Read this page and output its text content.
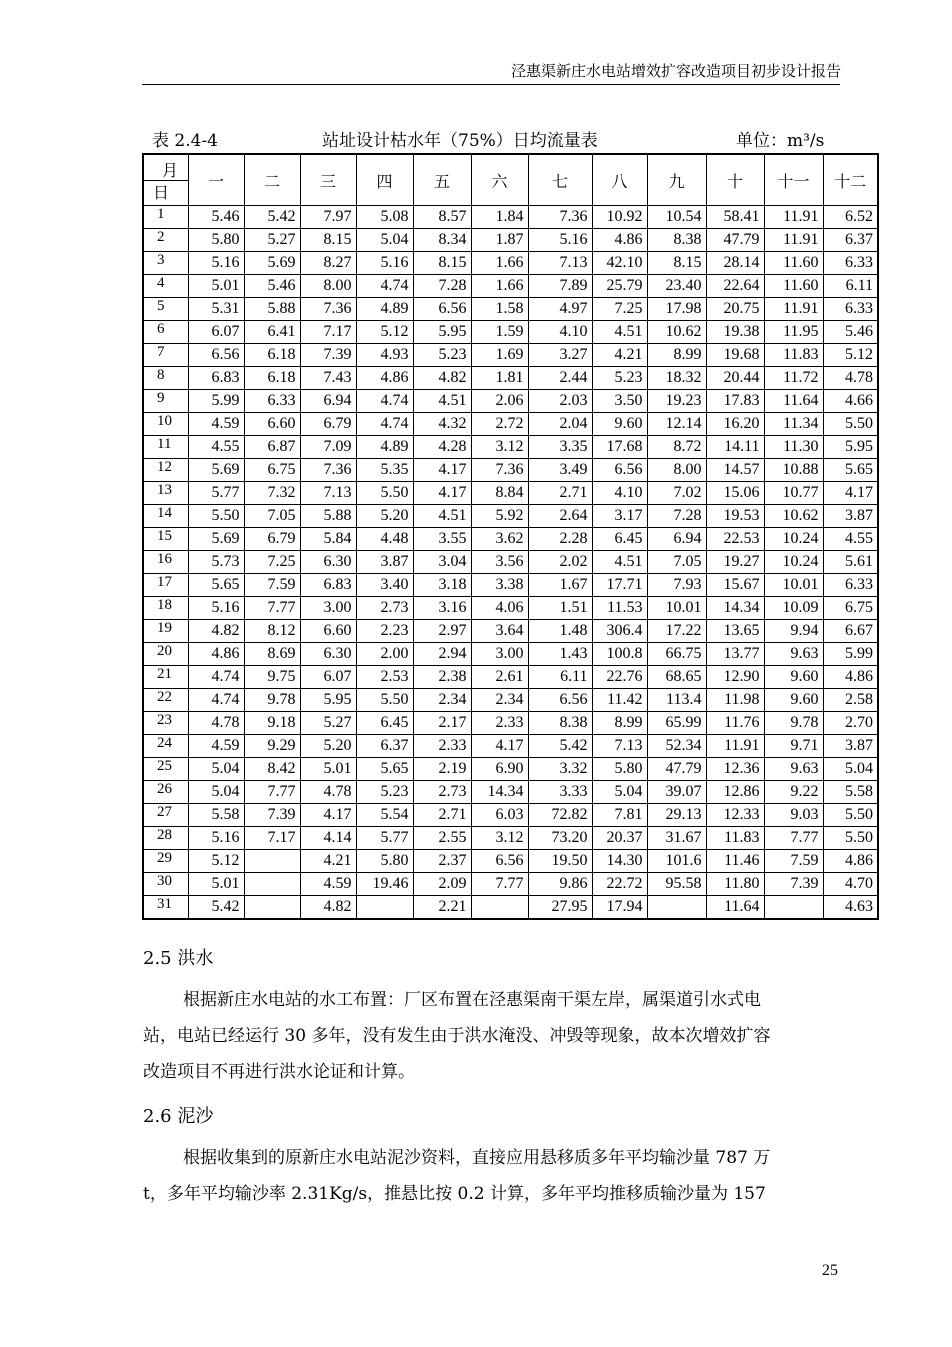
泾惠渠新庄水电站增效扩容改造项目初步设计报告
表 2.4-4	站址设计枯水年（75%）日均流量表	单位：m³/s
月
日	一	二	三	四	五	六	七	八	九	十	十一	十二
1	5.46	5.42	7.97	5.08	8.57	1.84	7.36	10.92	10.54	58.41	11.91	6.52
2	5.80	5.27	8.15	5.04	8.34	1.87	5.16	4.86	8.38	47.79	11.91	6.37
3	5.16	5.69	8.27	5.16	8.15	1.66	7.13	42.10	8.15	28.14	11.60	6.33
4	5.01	5.46	8.00	4.74	7.28	1.66	7.89	25.79	23.40	22.64	11.60	6.11
5	5.31	5.88	7.36	4.89	6.56	1.58	4.97	7.25	17.98	20.75	11.91	6.33
6	6.07	6.41	7.17	5.12	5.95	1.59	4.10	4.51	10.62	19.38	11.95	5.46
7	6.56	6.18	7.39	4.93	5.23	1.69	3.27	4.21	8.99	19.68	11.83	5.12
8	6.83	6.18	7.43	4.86	4.82	1.81	2.44	5.23	18.32	20.44	11.72	4.78
9	5.99	6.33	6.94	4.74	4.51	2.06	2.03	3.50	19.23	17.83	11.64	4.66
10	4.59	6.60	6.79	4.74	4.32	2.72	2.04	9.60	12.14	16.20	11.34	5.50
11	4.55	6.87	7.09	4.89	4.28	3.12	3.35	17.68	8.72	14.11	11.30	5.95
12	5.69	6.75	7.36	5.35	4.17	7.36	3.49	6.56	8.00	14.57	10.88	5.65
13	5.77	7.32	7.13	5.50	4.17	8.84	2.71	4.10	7.02	15.06	10.77	4.17
14	5.50	7.05	5.88	5.20	4.51	5.92	2.64	3.17	7.28	19.53	10.62	3.87
15	5.69	6.79	5.84	4.48	3.55	3.62	2.28	6.45	6.94	22.53	10.24	4.55
16	5.73	7.25	6.30	3.87	3.04	3.56	2.02	4.51	7.05	19.27	10.24	5.61
17	5.65	7.59	6.83	3.40	3.18	3.38	1.67	17.71	7.93	15.67	10.01	6.33
18	5.16	7.77	3.00	2.73	3.16	4.06	1.51	11.53	10.01	14.34	10.09	6.75
19	4.82	8.12	6.60	2.23	2.97	3.64	1.48	306.4	17.22	13.65	9.94	6.67
20	4.86	8.69	6.30	2.00	2.94	3.00	1.43	100.8	66.75	13.77	9.63	5.99
21	4.74	9.75	6.07	2.53	2.38	2.61	6.11	22.76	68.65	12.90	9.60	4.86
22	4.74	9.78	5.95	5.50	2.34	2.34	6.56	11.42	113.4	11.98	9.60	2.58
23	4.78	9.18	5.27	6.45	2.17	2.33	8.38	8.99	65.99	11.76	9.78	2.70
24	4.59	9.29	5.20	6.37	2.33	4.17	5.42	7.13	52.34	11.91	9.71	3.87
25	5.04	8.42	5.01	5.65	2.19	6.90	3.32	5.80	47.79	12.36	9.63	5.04
26	5.04	7.77	4.78	5.23	2.73	14.34	3.33	5.04	39.07	12.86	9.22	5.58
27	5.58	7.39	4.17	5.54	2.71	6.03	72.82	7.81	29.13	12.33	9.03	5.50
28	5.16	7.17	4.14	5.77	2.55	3.12	73.20	20.37	31.67	11.83	7.77	5.50
29	5.12		4.21	5.80	2.37	6.56	19.50	14.30	101.6	11.46	7.59	4.86
30	5.01		4.59	19.46	2.09	7.77	9.86	22.72	95.58	11.80	7.39	4.70
31	5.42		4.82		2.21		27.95	17.94		11.64		4.63
2.5 洪水
根据新庄水电站的水工布置：厂区布置在泾惠渠南干渠左岸，属渠道引水式电
站，电站已经运行 30 多年，没有发生由于洪水淹没、冲毁等现象，故本次增效扩容
改造项目不再进行洪水论证和计算。
2.6 泥沙
根据收集到的原新庄水电站泥沙资料，直接应用悬移质多年平均输沙量 787 万
t，多年平均输沙率 2.31Kg/s，推悬比按 0.2 计算，多年平均推移质输沙量为 157
25
